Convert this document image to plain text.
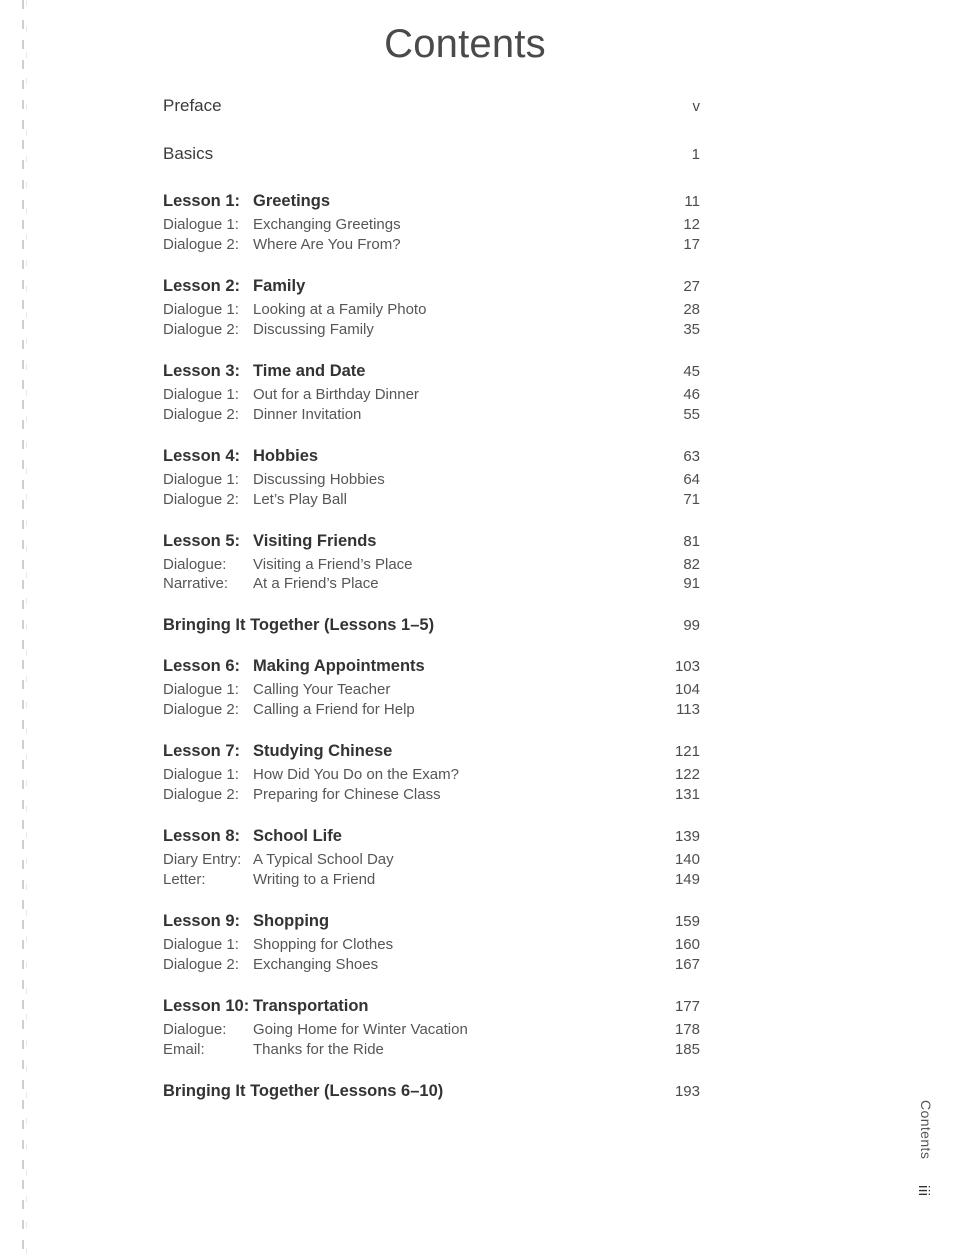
Contents
Preface	v
Basics	1
Lesson 1: Greetings	11
Dialogue 1: Exchanging Greetings	12
Dialogue 2: Where Are You From?	17
Lesson 2: Family	27
Dialogue 1: Looking at a Family Photo	28
Dialogue 2: Discussing Family	35
Lesson 3: Time and Date	45
Dialogue 1: Out for a Birthday Dinner	46
Dialogue 2: Dinner Invitation	55
Lesson 4: Hobbies	63
Dialogue 1: Discussing Hobbies	64
Dialogue 2: Let’s Play Ball	71
Lesson 5: Visiting Friends	81
Dialogue:	Visiting a Friend’s Place	82
Narrative:	At a Friend’s Place	91
Bringing It Together (Lessons 1–5)	99
Lesson 6: Making Appointments	103
Dialogue 1: Calling Your Teacher	104
Dialogue 2: Calling a Friend for Help	113
Lesson 7: Studying Chinese	121
Dialogue 1: How Did You Do on the Exam?	122
Dialogue 2: Preparing for Chinese Class	131
Lesson 8: School Life	139
Diary Entry: A Typical School Day	140
Letter:	Writing to a Friend	149
Lesson 9: Shopping	159
Dialogue 1: Shopping for Clothes	160
Dialogue 2: Exchanging Shoes	167
Lesson 10: Transportation	177
Dialogue:	Going Home for Winter Vacation	178
Email:	Thanks for the Ride	185
Bringing It Together (Lessons 6–10)	193
Contents
iii
